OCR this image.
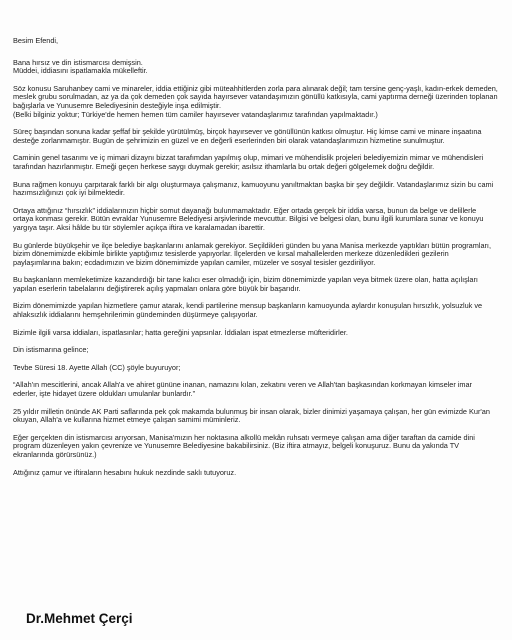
Besim Efendi,

Bana hırsız ve din istismarcısı demişsin.
Müddei, iddiasını ispatlamakla mükelleftir.

Söz konusu Saruhanbey cami ve minareler, iddia ettiğiniz gibi müteahhitlerden zorla para alınarak değil; tam tersine genç-yaşlı, kadın-erkek demeden, meslek grubu sorulmadan, az ya da çok demeden çok sayıda hayırsever vatandaşımızın gönüllü katkısıyla, cami yaptırma derneği üzerinden toplanan bağışlarla ve Yunusemre Belediyesinin desteğiyle inşa edilmiştir.
(Belki bilginiz yoktur; Türkiye'de hemen hemen tüm camiler hayırsever vatandaşlarımız tarafından yapılmaktadır.)

Süreç başından sonuna kadar şeffaf bir şekilde yürütülmüş, birçok hayırsever ve gönüllünün katkısı olmuştur. Hiç kimse cami ve minare inşaatına desteğe zorlanmamıştır. Bugün de şehrimizin en güzel ve en değerli eserlerinden biri olarak vatandaşlarımızın hizmetine sunulmuştur.

Caminin genel tasarımı ve iç mimari dizaynı bizzat tarafımdan yapılmış olup, mimari ve mühendislik projeleri belediyemizin mimar ve mühendisleri tarafından hazırlanmıştır. Emeği geçen herkese saygı duymak gerekir; asılsız ithamlarla bu ortak değeri gölgelemek doğru değildir.

Buna rağmen konuyu çarpıtarak farklı bir algı oluşturmaya çalışmanız, kamuoyunu yanıltmaktan başka bir şey değildir. Vatandaşlarımız sizin bu cami hazımsızlığınızı çok iyi bilmektedir.

Ortaya attığınız “hırsızlık” iddialarınızın hiçbir somut dayanağı bulunmamaktadır. Eğer ortada gerçek bir iddia varsa, bunun da belge ve delillerle ortaya konması gerekir. Bütün evraklar Yunusemre Belediyesi arşivlerinde mevcuttur. Bilgisi ve belgesi olan, bunu ilgili kurumlara sunar ve konuyu yargıya taşır. Aksi hâlde bu tür söylemler açıkça iftira ve karalamadan ibarettir.

Bu günlerde büyükşehir ve ilçe belediye başkanlarını anlamak gerekiyor. Seçildikleri günden bu yana Manisa merkezde yaptıkları bütün programları, bizim dönemimizde ekibimle birlikte yaptığımız tesislerde yapıyorlar. İlçelerden ve kırsal mahallelerden merkeze düzenledikleri gezilerin paylaşımlarına bakın; ecdadımızın ve bizim dönemimizde yapılan camiler, müzeler ve sosyal tesisler gezdiriliyor.

Bu başkanların memleketimize kazandırdığı bir tane kalıcı eser olmadığı için, bizim dönemimizde yapılan veya bitmek üzere olan, hatta açılışları yapılan eserlerin tabelalarını değiştirerek açılış yapmaları onlara göre büyük bir başarıdır.

Bizim dönemimizde yapılan hizmetlere çamur atarak, kendi partilerine mensup başkanların kamuoyunda aylardır konuşulan hırsızlık, yolsuzluk ve ahlaksızlık iddialarını hemşehrilerimin gündeminden düşürmeye çalışıyorlar.

Bizimle ilgili varsa iddiaları, ispatlasınlar; hatta gereğini yapsınlar. İddiaları ispat etmezlerse müfteridirler.

Din istismarına gelince;

Tevbe Süresi 18. Ayette Allah (CC) şöyle buyuruyor;

“Allah'ın mescitlerini, ancak Allah'a ve ahiret gününe inanan, namazını kılan, zekatını veren ve Allah'tan başkasından korkmayan kimseler imar ederler, işte hidayet üzere oldukları umulanlar bunlardır.”

25 yıldır milletin önünde AK Parti saflarında pek çok makamda bulunmuş bir insan olarak, bizler dinimizi yaşamaya çalışan, her gün evimizde Kur'an okuyan, Allah'a ve kullarına hizmet etmeye çalışan samimi müminleriz.

Eğer gerçekten din istismarcısı arıyorsan, Manisa'mızın her noktasına alkollü mekân ruhsatı vermeye çalışan ama diğer taraftan da camide dini program düzenleyen yakın çevrenize ve Yunusemre Belediyesine bakabilirsiniz. (Biz iftira atmayız, belgeli konuşuruz. Bunu da yakında TV ekranlarında görürsünüz.)

Attığınız çamur ve iftiraların hesabını hukuk nezdinde saklı tutuyoruz.

Dr.Mehmet Çerçi
